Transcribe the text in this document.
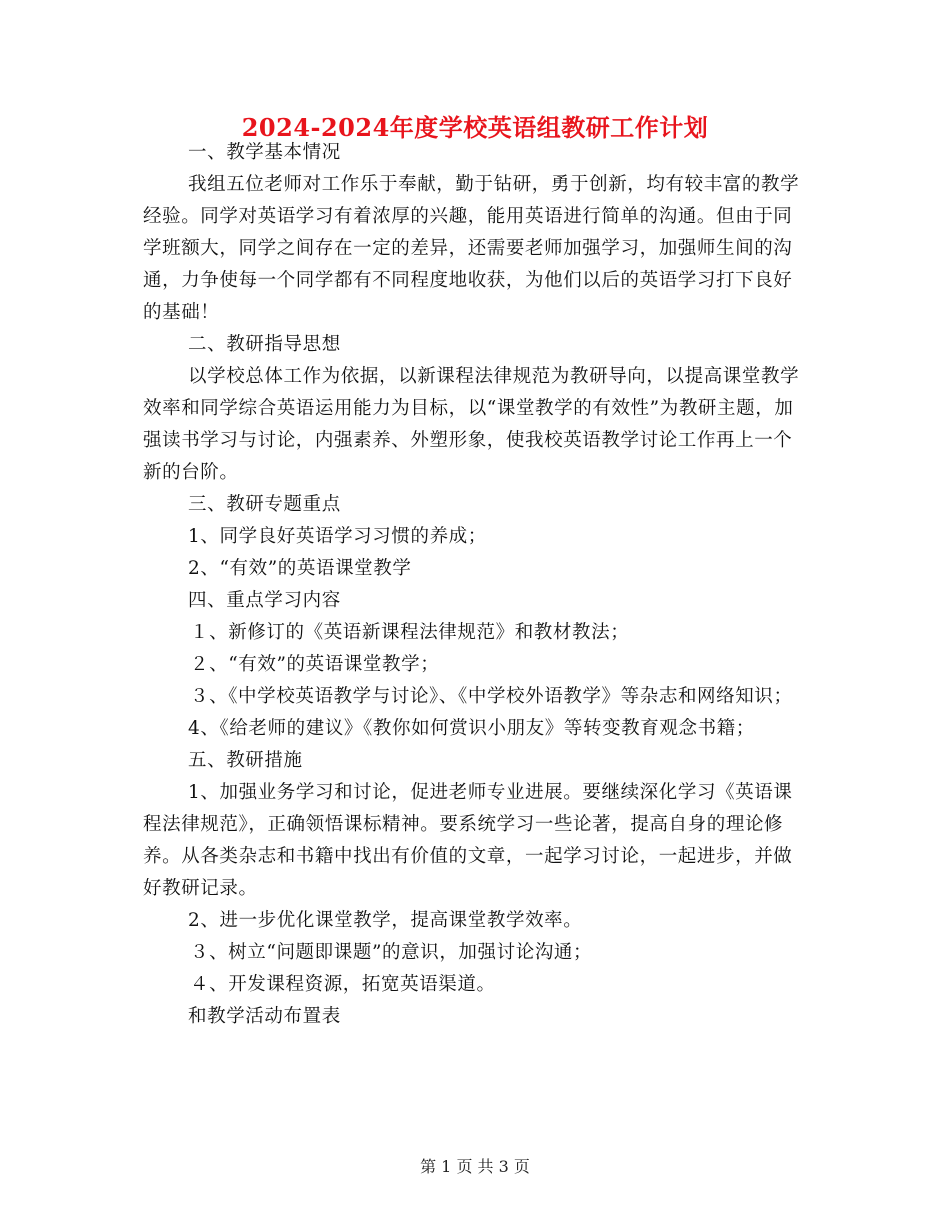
2024-2024年度学校英语组教研工作计划

一、教学基本情况

我组五位老师对工作乐于奉献，勤于钻研，勇于创新，均有较丰富的教学经验。同学对英语学习有着浓厚的兴趣，能用英语进行简单的沟通。但由于同学班额大，同学之间存在一定的差异，还需要老师加强学习，加强师生间的沟通，力争使每一个同学都有不同程度地收获，为他们以后的英语学习打下良好的基础！

二、教研指导思想

以学校总体工作为依据，以新课程法律规范为教研导向，以提高课堂教学效率和同学综合英语运用能力为目标，以“课堂教学的有效性”为教研主题，加强读书学习与讨论，内强素养、外塑形象，使我校英语教学讨论工作再上一个新的台阶。

三、教研专题重点

1、同学良好英语学习习惯的养成；

2、“有效”的英语课堂教学

四、重点学习内容

１、新修订的《英语新课程法律规范》和教材教法；

２、“有效”的英语课堂教学；

３、《中学校英语教学与讨论》、《中学校外语教学》等杂志和网络知识；

4、《给老师的建议》《教你如何赏识小朋友》等转变教育观念书籍；

五、教研措施

1、加强业务学习和讨论，促进老师专业进展。要继续深化学习《英语课程法律规范》，正确领悟课标精神。要系统学习一些论著，提高自身的理论修养。从各类杂志和书籍中找出有价值的文章，一起学习讨论，一起进步，并做好教研记录。

2、进一步优化课堂教学，提高课堂教学效率。

３、树立“问题即课题”的意识，加强讨论沟通；

４、开发课程资源，拓宽英语渠道。

和教学活动布置表

第 1 页 共 3 页
